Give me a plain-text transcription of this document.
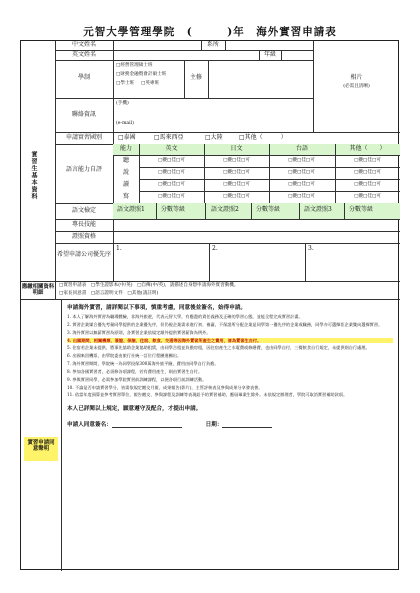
元智大學管理學院　(　　　)年　海外實習申請表
實習生基本資料
中文姓名	系所
英文姓名	年級
學制
□經營管理碩士班
□財務金融暨會計碩士班
□學士班 □英專班
主修
聯絡資訊
(手機)
(e-mail)
相片
(必需且清晰)
申請實習國別	□泰國	□馬來西亞	□大陸	□其他（　　　）
語言能力自評
能力	英文	日文	台語	其他（　　）
聽	□優□佳□可	□優□佳□可	□優□佳□可	□優□佳□可
說	□優□佳□可	□優□佳□可	□優□佳□可	□優□佳□可
讀	□優□佳□可	□優□佳□可	□優□佳□可	□優□佳□可
寫	□優□佳□可	□優□佳□可	□優□佳□可	□優□佳□可
語文檢定	語文證照1	分數等級	語文證照2	分數等級	語文證照3	分數等級
專長技能
證照資格
希望申請公司優先序
1.	2.	3.
應繳相關資料明細
□實習申請表　□學生證影本(中/英)　□自傳(中/英)，請描述自身想申請海外實習動機。
□家長同意書　□語言證明文件　□其他(請註明)
實習申請同意聲明
申請海外實習，請詳閱以下事項，慎重考慮，同意後並簽名，始得申請。
1. 本人了解海外實習為職場體驗，非海外旅遊，代表元智大學，有應盡的責任義務及正確的學習心態，並能全程完成實習計畫。
2. 實習企業媒合優先考量同學提供的企業優先序，但仍視企業需求進行初、複審，不保證所分配企業是同學第一優先序的企業或職務，同學亦可選擇拒企業雙向選擇實習。
3. 海外實習以無薪實習為原則，各實習企業依規定額外提供實習薪資為例外。
4. 出國期間，相關機票、簽證、保險、住宿、飲食、交通等因海外實習所產生之費用，皆為實習生自付。
5. 住宿若企業未提供，將事先協助企業協助租賃，由同學合租並負擔房租，因住宿產生之水電費或修繕費，也由同學自付，三餐飲食自行規定，未提供則自行處理。
6. 出國來回機票，由學院委由旅行社統一訂位行程團進團出。
7. 海外實習期間，學院統一為同學投保300萬海外旅平險，費用由同學自行負擔。
8. 參加各國實習者，必須修各項課程，若有費用產生，則由實習生自付。
9. 參與實習同學，必需參加學院實習前訓練課程，以便各項行前訓練活動。
10. 不論是否申請實習學分，皆需依規定繳交月報、成果報告(影片)，主管評核表及參與成果分享發表會。
11. 依當年度預算並參考實習單位、報告繳交、參與課程及訓練等表現給予的實習補助，應屆畢業生除外。未依規定辦理者，學院可取消實習補助款項。
本人已詳閱以上規定，願意遵守及配合，才提出申請。
申請人同意簽名：	日期：
